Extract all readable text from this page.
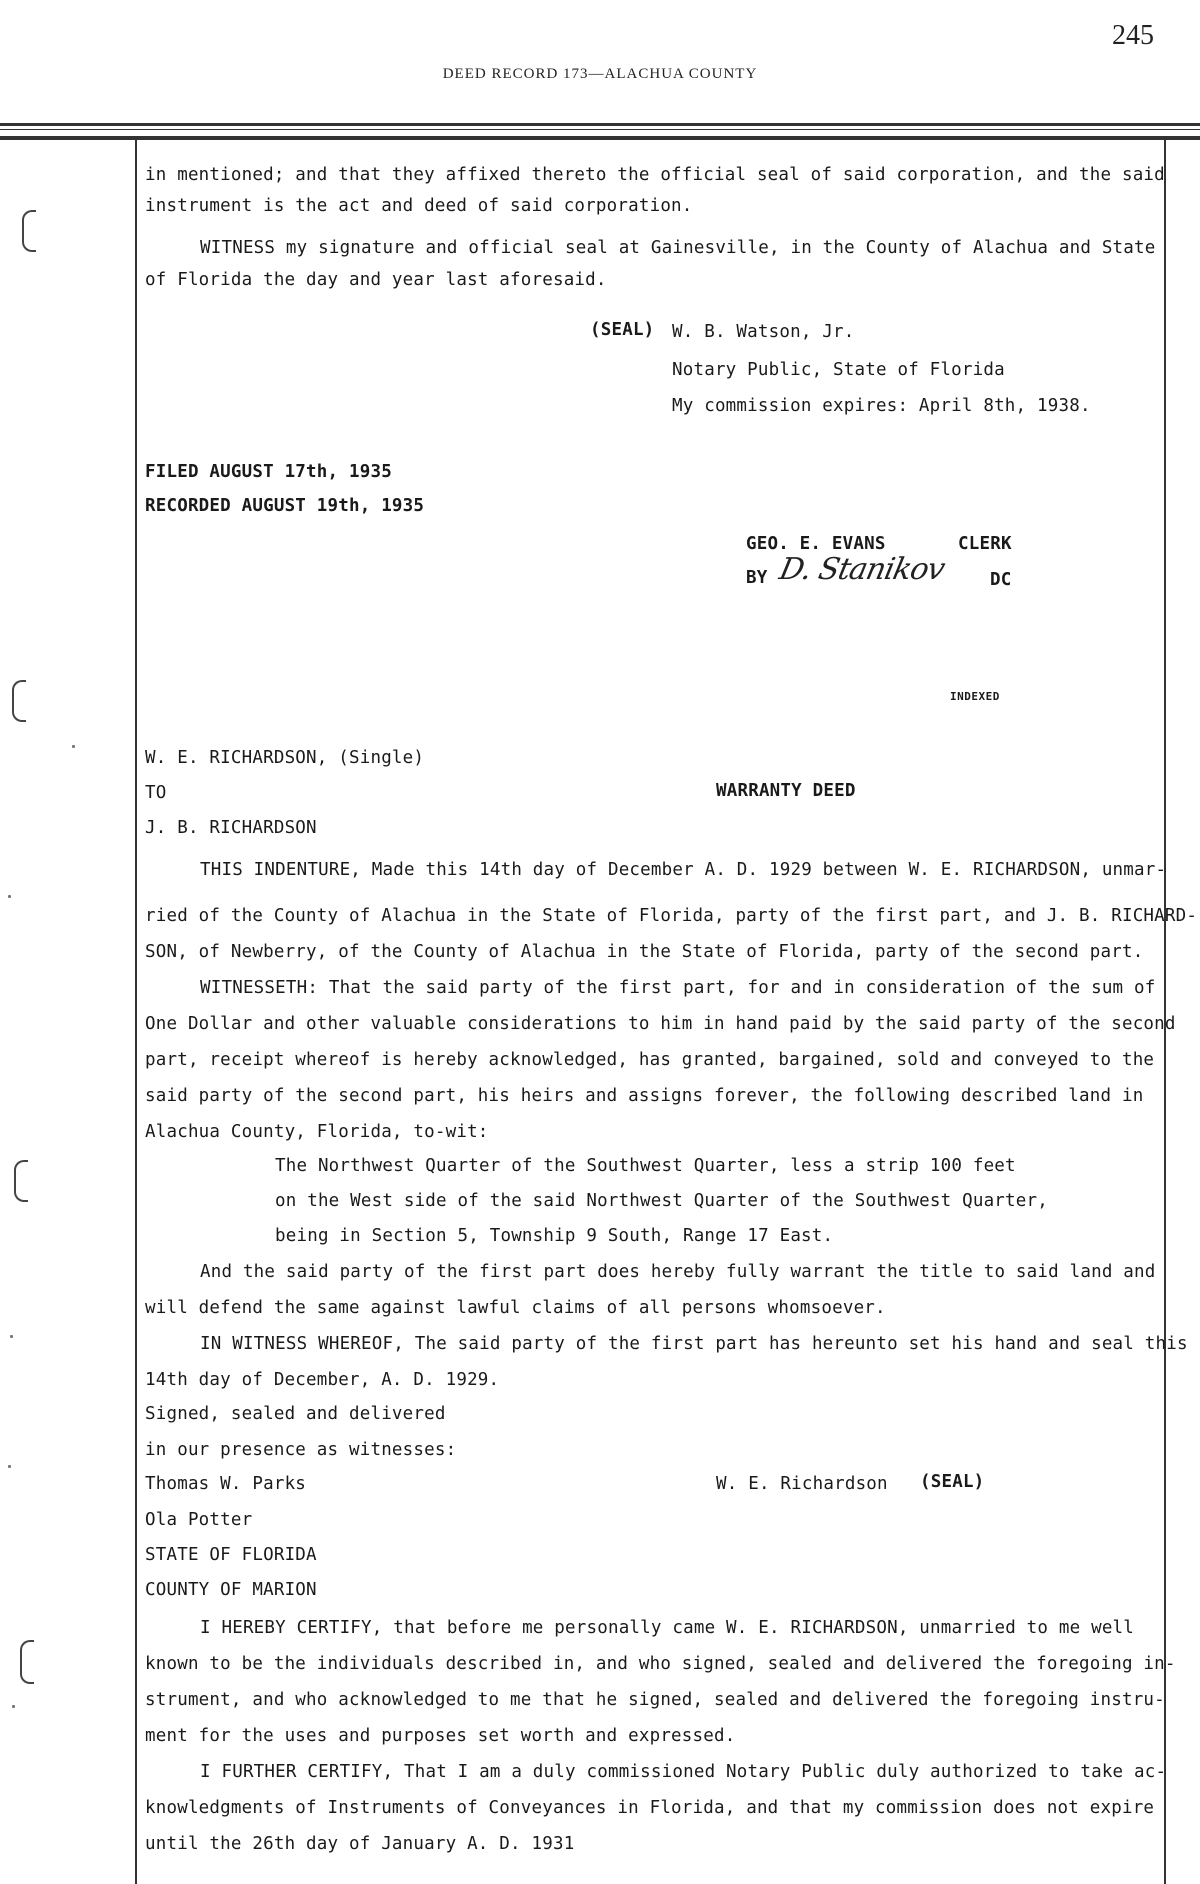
245
DEED RECORD 173—ALACHUA COUNTY
in mentioned; and that they affixed thereto the official seal of said corporation, and the said
instrument is the act and deed of said corporation.
WITNESS my signature and official seal at Gainesville, in the County of Alachua and State
of Florida the day and year last aforesaid.
(SEAL) W. B. Watson, Jr.
Notary Public, State of Florida
My commission expires: April 8th, 1938.
FILED AUGUST 17th, 1935
RECORDED AUGUST 19th, 1935
GEO. E. EVANS	CLERK
BY D. Stanikov DC
INDEXED
W. E. RICHARDSON, (Single)
TO	WARRANTY DEED
J. B. RICHARDSON
THIS INDENTURE, Made this 14th day of December A. D. 1929 between W. E. RICHARDSON, unmar-
ried of the County of Alachua in the State of Florida, party of the first part, and J. B. RICHARD-
SON, of Newberry, of the County of Alachua in the State of Florida, party of the second part.
WITNESSETH: That the said party of the first part, for and in consideration of the sum of
One Dollar and other valuable considerations to him in hand paid by the said party of the second
part, receipt whereof is hereby acknowledged, has granted, bargained, sold and conveyed to the
said party of the second part, his heirs and assigns forever, the following described land in
Alachua County, Florida, to-wit:
The Northwest Quarter of the Southwest Quarter, less a strip 100 feet
on the West side of the said Northwest Quarter of the Southwest Quarter,
being in Section 5, Township 9 South, Range 17 East.
And the said party of the first part does hereby fully warrant the title to said land and
will defend the same against lawful claims of all persons whomsoever.
IN WITNESS WHEREOF, The said party of the first part has hereunto set his hand and seal this
14th day of December, A. D. 1929.
Signed, sealed and delivered
in our presence as witnesses:
Thomas W. Parks	W. E. Richardson (SEAL)
Ola Potter
STATE OF FLORIDA
COUNTY OF MARION
I HEREBY CERTIFY, that before me personally came W. E. RICHARDSON, unmarried to me well
known to be the individuals described in, and who signed, sealed and delivered the foregoing in-
strument, and who acknowledged to me that he signed, sealed and delivered the foregoing instru-
ment for the uses and purposes set worth and expressed.
I FURTHER CERTIFY, That I am a duly commissioned Notary Public duly authorized to take ac-
knowledgments of Instruments of Conveyances in Florida, and that my commission does not expire
until the 26th day of January A. D. 1931
